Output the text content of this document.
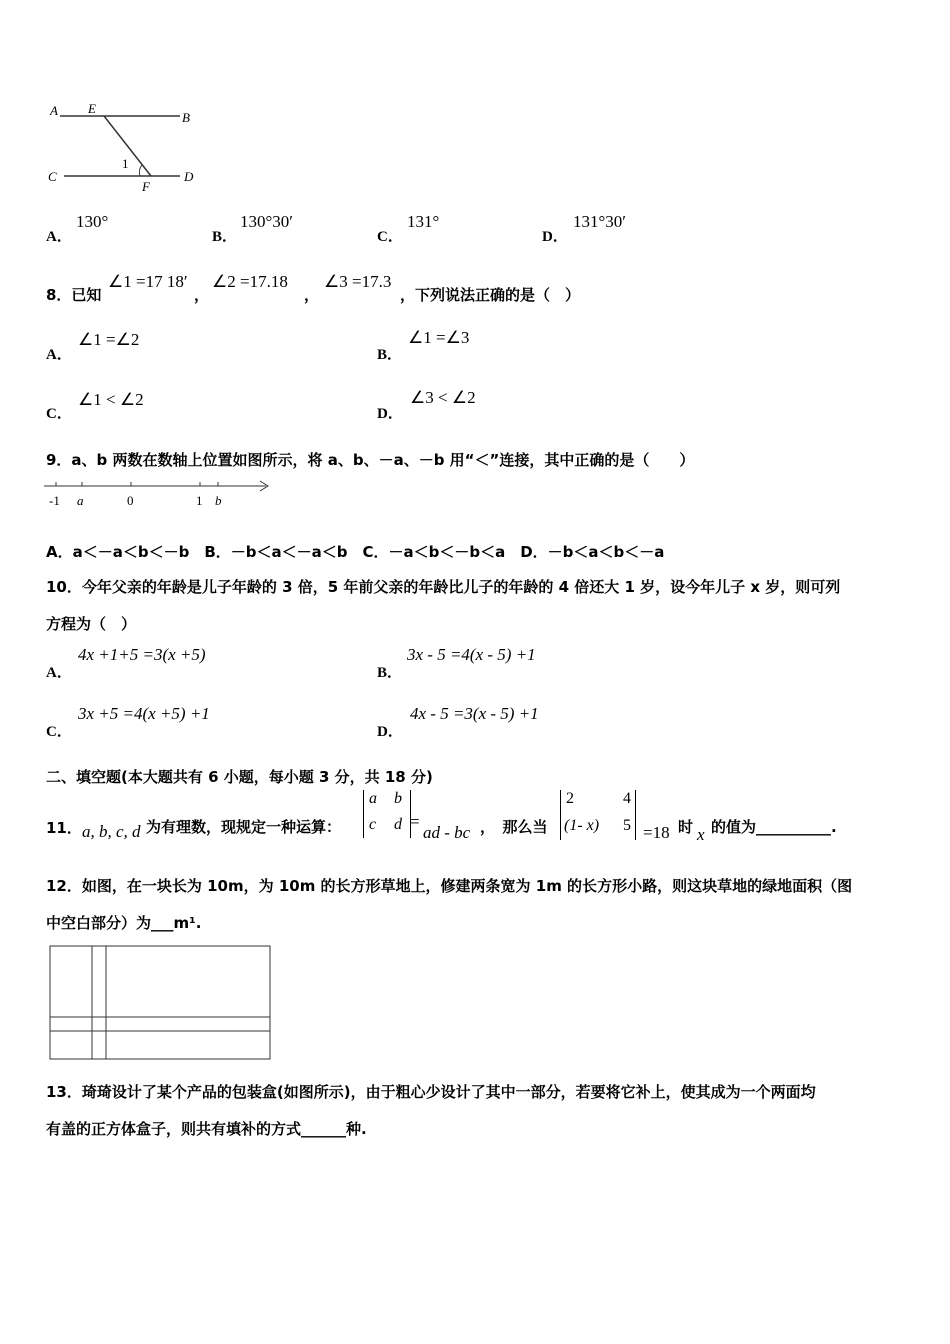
A E
B
C	D
F
1
A．
130°
B．
130°30′
C．
131°
D．
131°30′
8．已知
∠1 =17 18′
，
∠2 =17.18
，
∠3 =17.3
，下列说法正确的是（　）
A．
∠1 =∠2
B．
∠1 =∠3
C．
∠1 < ∠2
D．
∠3 < ∠2
9．a、b 两数在数轴上位置如图所示，将 a、b、－a、－b 用“＜”连接，其中正确的是（　　）
-1 a	0	1 b
A．a＜－a＜b＜－b　B．－b＜a＜－a＜b　C．－a＜b＜－b＜a　D．－b＜a＜b＜－a
10．今年父亲的年龄是儿子年龄的 3 倍，5 年前父亲的年龄比儿子的年龄的 4 倍还大 1 岁，设今年儿子 x 岁，则可列
方程为（　）
A．
4x +1+5 =3(x +5)
B．
3x - 5 =4(x - 5) +1
C．
3x +5 =4(x +5) +1
D．
4x - 5 =3(x - 5) +1
二、填空题(本大题共有 6 小题，每小题 3 分，共 18 分)
11． a, b, c, d 为有理数，现规定一种运算：
a b
c d =
ad - bc ，　那么当
2	4
(1- x) 5 =18 时 x 的值为__________.
12．如图，在一块长为 10m，为 10m 的长方形草地上，修建两条宽为 1m 的长方形小路，则这块草地的绿地面积（图
中空白部分）为___m¹.
13．琦琦设计了某个产品的包装盒(如图所示)，由于粗心少设计了其中一部分，若要将它补上，使其成为一个两面均
有盖的正方体盒子，则共有填补的方式______种.
